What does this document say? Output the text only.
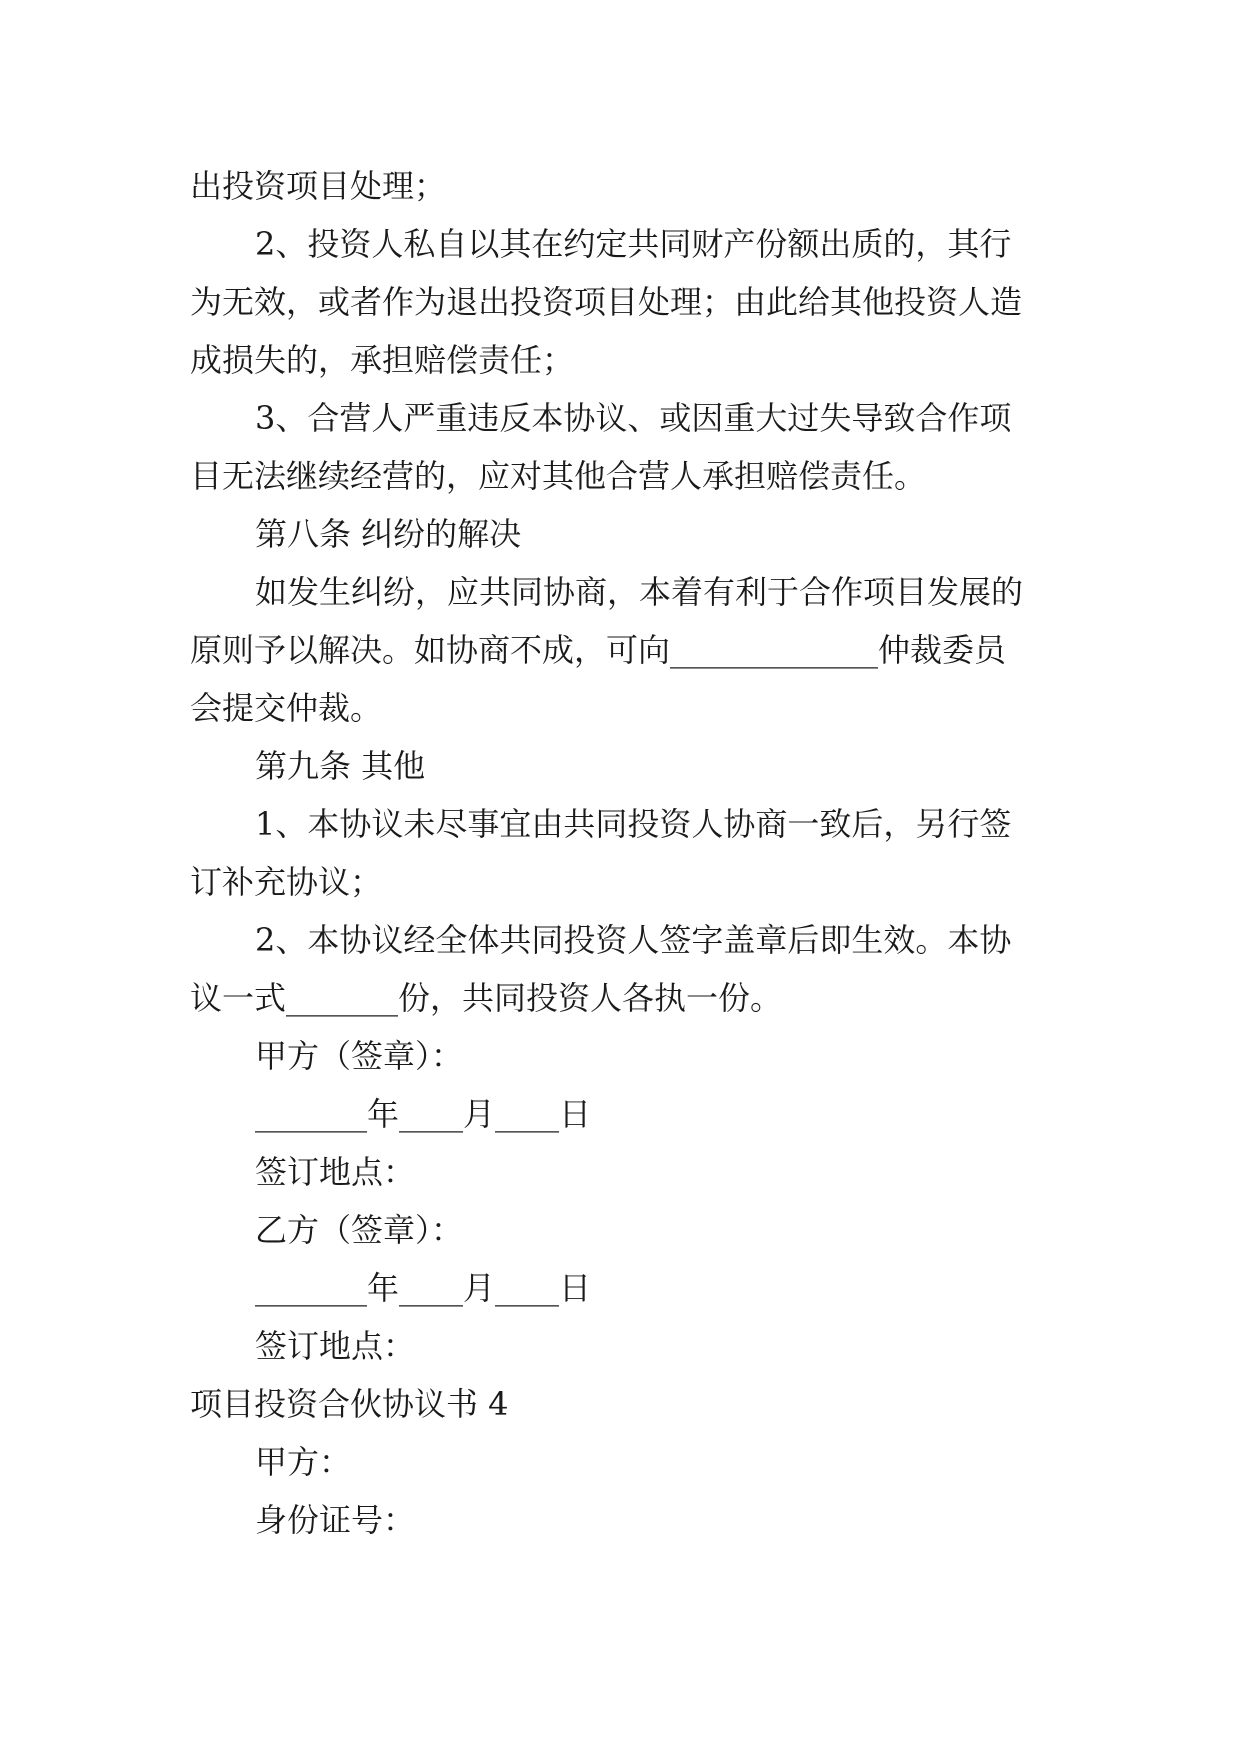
出投资项目处理；

2、投资人私自以其在约定共同财产份额出质的，其行

为无效，或者作为退出投资项目处理；由此给其他投资人造

成损失的，承担赔偿责任；

3、合营人严重违反本协议、或因重大过失导致合作项

目无法继续经营的，应对其他合营人承担赔偿责任。

第八条 纠纷的解决

如发生纠纷，应共同协商，本着有利于合作项目发展的

原则予以解决。如协商不成，可向_____________仲裁委员

会提交仲裁。

第九条 其他

1、本协议未尽事宜由共同投资人协商一致后，另行签

订补充协议；

2、本协议经全体共同投资人签字盖章后即生效。本协

议一式_______份，共同投资人各执一份。

甲方（签章）：

_______年____月____日

签订地点：

乙方（签章）：

_______年____月____日

签订地点：

项目投资合伙协议书 4

甲方：

身份证号：
